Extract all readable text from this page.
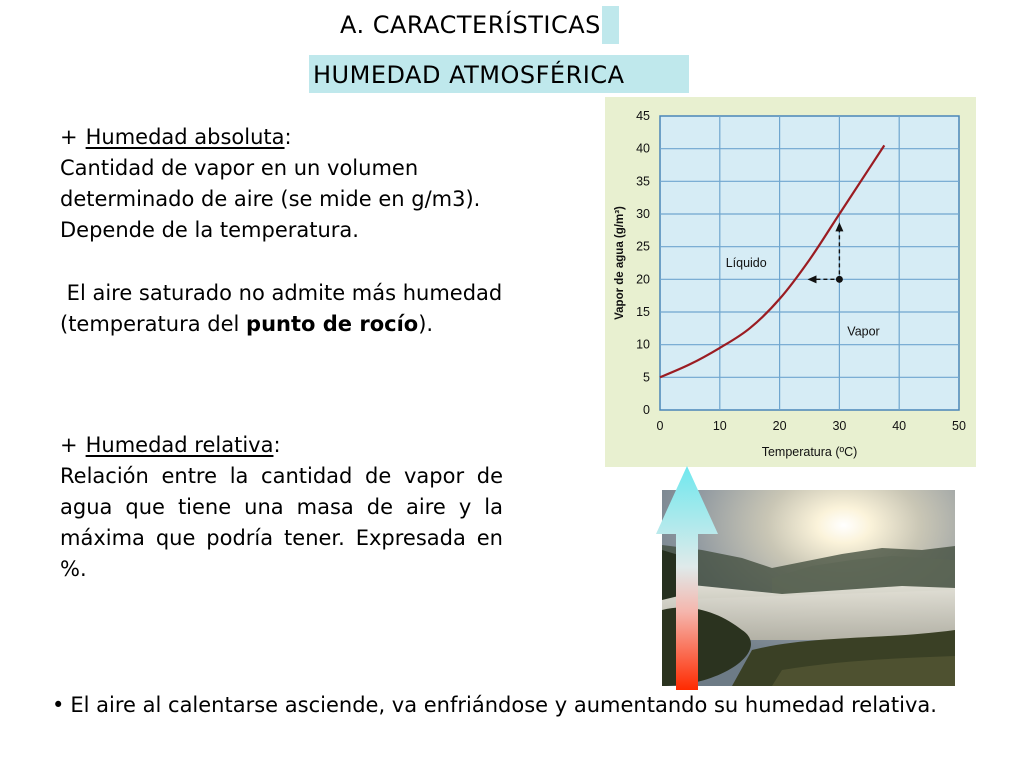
A. CARACTERÍSTICAS
HUMEDAD ATMOSFÉRICA
+ Humedad absoluta:
Cantidad de vapor en un volumen
determinado de aire (se mide en g/m3).
Depende de la temperatura.
El aire saturado no admite más humedad
(temperatura del punto de rocío).
+ Humedad relativa:
Relación entre la cantidad de vapor de agua que tiene una masa de aire y la máxima que podría tener. Expresada en %.
0	10	20	30	40	50
0
5
10
15
20
25
30
35
40
45
Líquido
Vapor
Temperatura (ºC)
Vapor de agua (g/m³)
• El aire al calentarse asciende, va enfriándose y aumentando su humedad relativa.
